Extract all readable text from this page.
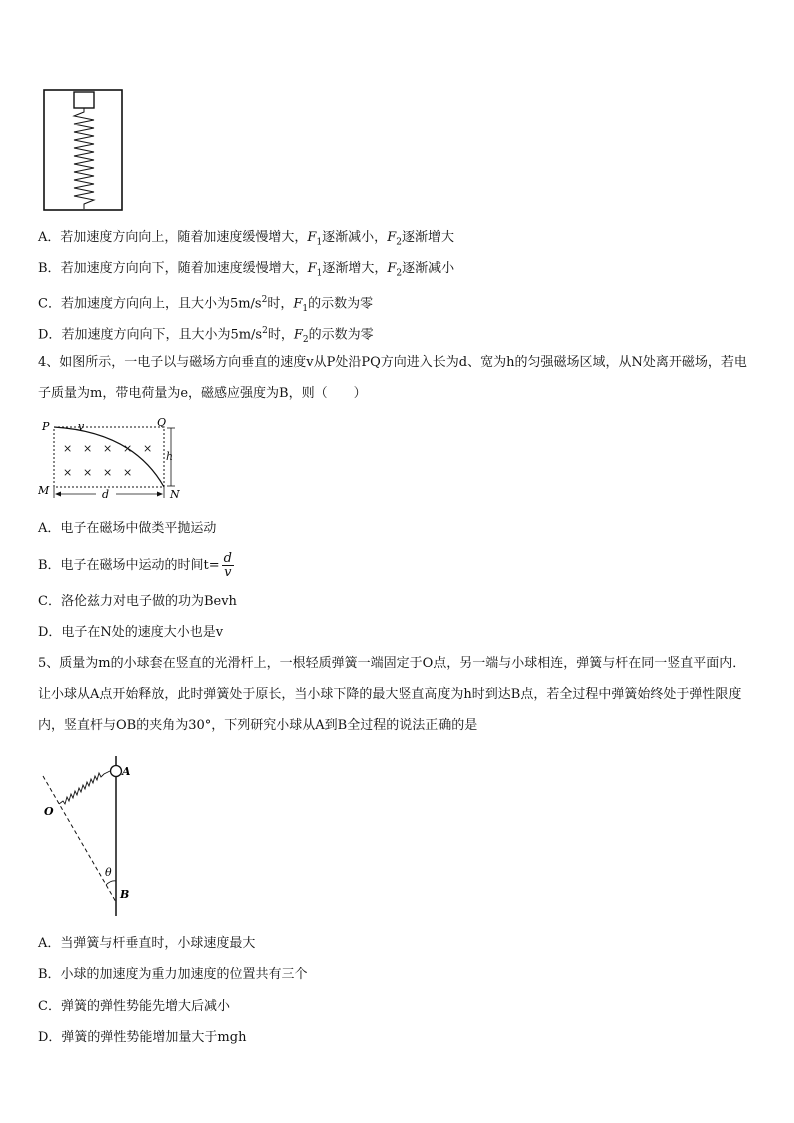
A．若加速度方向向上，随着加速度缓慢增大，$F_1$逐渐减小，$F_2$逐渐增大
B．若加速度方向向下，随着加速度缓慢增大，$F_1$逐渐增大，$F_2$逐渐减小
C．若加速度方向向上，且大小为$5m/s^2$时，$F_1$的示数为零
D．若加速度方向向下，且大小为$5m/s^2$时，$F_2$的示数为零
4、如图所示，一电子以与磁场方向垂直的速度v从P处沿PQ方向进入长为d、宽为h的匀强磁场区域，从N处离开磁场，若电子质量为m，带电荷量为e，磁感应强度为B，则（　　）
P	v	Q
h
M	N
d
× × × × ×
× × × ×
A．电子在磁场中做类平抛运动
B．电子在磁场中运动的时间$t= \frac{d}{v}$
C．洛伦兹力对电子做的功为Bevh
D．电子在N处的速度大小也是v
5、质量为m的小球套在竖直的光滑杆上，一根轻质弹簧一端固定于O点，另一端与小球相连，弹簧与杆在同一竖直平面内．让小球从A点开始释放，此时弹簧处于原长，当小球下降的最大竖直高度为h时到达B点，若全过程中弹簧始终处于弹性限度内，竖直杆与OB的夹角为30°，下列研究小球从A到B全过程的说法正确的是
A
O
θ
B
A．当弹簧与杆垂直时，小球速度最大
B．小球的加速度为重力加速度的位置共有三个
C．弹簧的弹性势能先增大后减小
D．弹簧的弹性势能增加量大于mgh
